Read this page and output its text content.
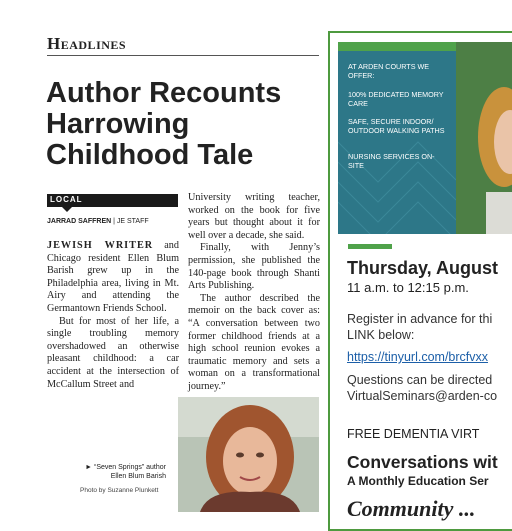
Headlines
Author Recounts
Harrowing
Childhood Tale
LOCAL
JARRAD SAFFREN | JE STAFF

JEWISH WRITER and Chicago resident Ellen Blum Barish grew up in the Philadelphia area, living in Mt. Airy and attending the Germantown Friends School.

But for most of her life, a single troubling memory overshadowed an otherwise pleasant childhood: a car accident at the intersection of McCallum Street and

University writing teacher, worked on the book for five years but thought about it for well over a decade, she said.

Finally, with Jenny’s permission, she published the 140-page book through Shanti Arts Publishing.

The author described the memoir on the back cover as: “A conversation between two former childhood friends at a high school reunion evokes a traumatic memory and sets a woman on a transformational journey.”

► “Seven Springs” author
Ellen Blum Barish
Photo by Suzanne Plunkett
AT ARDEN COURTS WE OFFER:
100% DEDICATED MEMORY CARE
SAFE, SECURE INDOOR/ OUTDOOR WALKING PATHS
NURSING SERVICES ON-SITE
Thursday, August
11 a.m. to 12:15 p.m.
Register in advance for thi
LINK below:
https://tinyurl.com/brcfvxx
Questions can be directed
VirtualSeminars@arden-co
FREE DEMENTIA VIRT
Conversations wit
A Monthly Education Ser
Community ...
